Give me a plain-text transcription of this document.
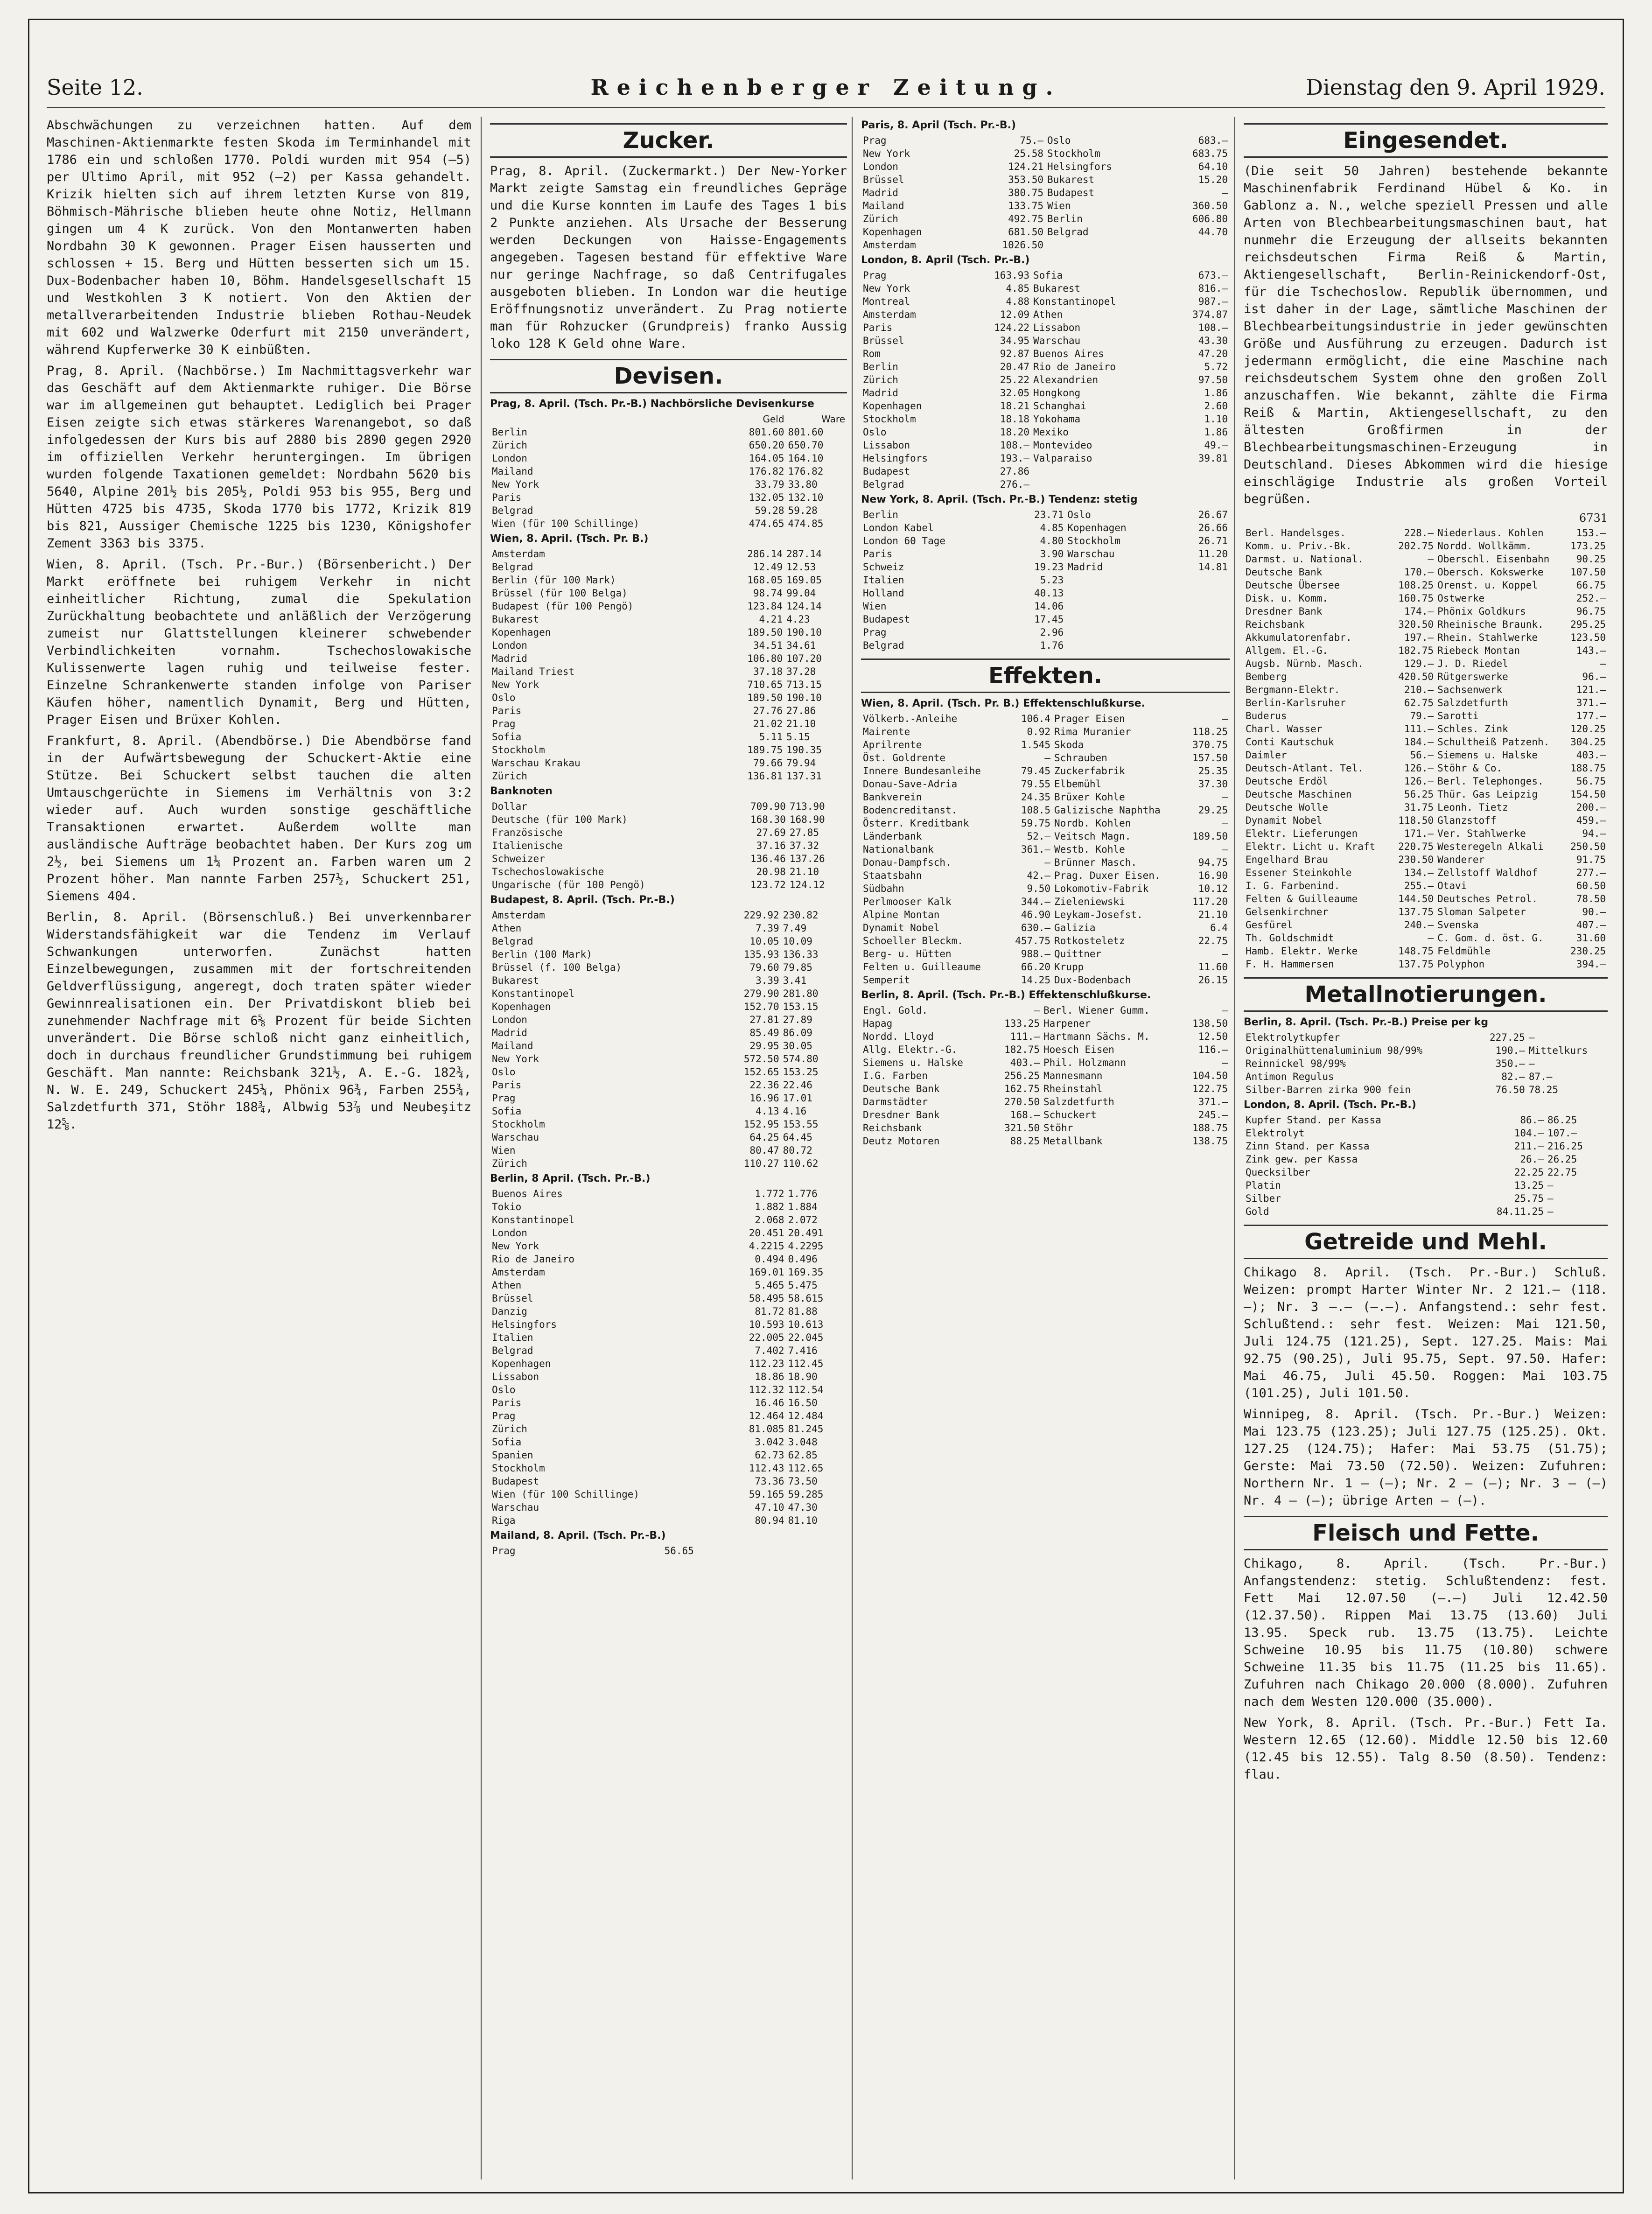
Seite 12.	Reichenberger Zeitung.	Dienstag den 9. April 1929.

Abschwächungen zu verzeichnen hatten. Auf dem Maschinen-Aktienmarkte festen Skoda im Terminhandel mit 1786 ein und schloßen 1770. Poldi wurden mit 954 (—5) per Ultimo April, mit 952 (—2) per Kassa gehandelt. Krizik hielten sich auf ihrem letzten Kurse von 819, Böhmisch-Mährische blieben heute ohne Notiz, Hellmann gingen um 4 K zurück. Von den Montanwerten haben Nordbahn 30 K gewonnen. Prager Eisen hausserten und schlossen + 15. Berg und Hütten besserten sich um 15. Dux-Bodenbacher haben 10, Böhm. Handelsgesellschaft 15 und Westkohlen 3 K notiert. Von den Aktien der metallverarbeitenden Industrie blieben Rothau-Neudek mit 602 und Walzwerke Oderfurt mit 2150 unverändert, während Kupferwerke 30 K einbüßten.

Prag, 8. April. (Nachbörse.) Im Nachmittagsverkehr war das Geschäft auf dem Aktienmarkte ruhiger. Die Börse war im allgemeinen gut behauptet. Lediglich bei Prager Eisen zeigte sich etwas stärkeres Warenangebot, so daß infolgedessen der Kurs bis auf 2880 bis 2890 gegen 2920 im offiziellen Verkehr heruntergingen. Im übrigen wurden folgende Taxationen gemeldet: Nordbahn 5620 bis 5640, Alpine 201½ bis 205½, Poldi 953 bis 955, Berg und Hütten 4725 bis 4735, Skoda 1770 bis 1772, Krizik 819 bis 821, Aussiger Chemische 1225 bis 1230, Königshofer Zement 3363 bis 3375.

Wien, 8. April. (Tsch. Pr.-Bur.) (Börsenbericht.) Der Markt eröffnete bei ruhigem Verkehr in nicht einheitlicher Richtung, zumal die Spekulation Zurückhaltung beobachtete und anläßlich der Verzögerung zumeist nur Glattstellungen kleinerer schwebender Verbindlichkeiten vornahm. Tschechoslowakische Kulissenwerte lagen ruhig und teilweise fester. Einzelne Schrankenwerte standen infolge von Pariser Käufen höher, namentlich Dynamit, Berg und Hütten, Prager Eisen und Brüxer Kohlen.

Frankfurt, 8. April. (Abendbörse.) Die Abendbörse fand in der Aufwärtsbewegung der Schuckert-Aktie eine Stütze. Bei Schuckert selbst tauchen die alten Umtauschgerüchte in Siemens im Verhältnis von 3:2 wieder auf. Auch wurden sonstige geschäftliche Transaktionen erwartet. Außerdem wollte man ausländische Aufträge beobachtet haben. Der Kurs zog um 2½, bei Siemens um 1¼ Prozent an. Farben waren um 2 Prozent höher. Man nannte Farben 257½, Schuckert 251, Siemens 404.

Berlin, 8. April. (Börsenschluß.) Bei unverkennbarer Widerstandsfähigkeit war die Tendenz im Verlauf Schwankungen unterworfen. Zunächst hatten Einzelbewegungen, zusammen mit der fortschreitenden Geldverflüssigung, angeregt, doch traten später wieder Gewinnrealisationen ein. Der Privatdiskont blieb bei zunehmender Nachfrage mit 6⅝ Prozent für beide Sichten unverändert. Die Börse schloß nicht ganz einheitlich, doch in durchaus freundlicher Grundstimmung bei ruhigem Geschäft. Man nannte: Reichsbank 321½, A. E.-G. 182¾, N. W. E. 249, Schuckert 245¼, Phönix 96¾, Farben 255¾, Salzdetfurth 371, Stöhr 188¾, Albwig 53⅞ und Neubeşitz 12⅝.

Zucker.

Prag, 8. April. (Zuckermarkt.) Der New-Yorker Markt zeigte Samstag ein freundliches Gepräge und die Kurse konnten im Laufe des Tages 1 bis 2 Punkte anziehen. Als Ursache der Besserung werden Deckungen von Haisse-Engagements angegeben. Tagesen bestand für effektive Ware nur geringe Nachfrage, so daß Centrifugales ausgeboten blieben. In London war die heutige Eröffnungsnotiz unverändert. Zu Prag notierte man für Rohzucker (Grundpreis) franko Aussig loko 128 K Geld ohne Ware.

Devisen.
Prag, 8. April. (Tsch. Pr.-B.) Nachbörsliche Devisenkurse
	Geld	Ware
Berlin	801.60	801.60
Zürich	650.20	650.70
London	164.05	164.10
Mailand	176.82	176.82
New York	33.79	33.80
Paris	132.05	132.10
Belgrad	59.28	59.28
Wien (für 100 Schillinge)	474.65	474.85
Wien, 8. April. (Tsch. Pr. B.)
Amsterdam	286.14	287.14
Belgrad	12.49	12.53
Berlin (für 100 Mark)	168.05	169.05
Brüssel (für 100 Belga)	98.74	99.04
Budapest (für 100 Pengö)	123.84	124.14
Bukarest	4.21	4.23
Kopenhagen	189.50	190.10
London	34.51	34.61
Madrid	106.80	107.20
Mailand Triest	37.18	37.28
New York	710.65	713.15
Oslo	189.50	190.10
Paris	27.76	27.86
Prag	21.02	21.10
Sofia	5.11	5.15
Stockholm	189.75	190.35
Warschau Krakau	79.66	79.94
Zürich	136.81	137.31
Banknoten
Dollar	709.90	713.90
Deutsche (für 100 Mark)	168.30	168.90
Französische	27.69	27.85
Italienische	37.16	37.32
Schweizer	136.46	137.26
Tschechoslowakische	20.98	21.10
Ungarische (für 100 Pengö)	123.72	124.12
Budapest, 8. April. (Tsch. Pr.-B.)
Amsterdam	229.92	230.82
Athen	7.39	7.49
Belgrad	10.05	10.09
Berlin (100 Mark)	135.93	136.33
Brüssel (f. 100 Belga)	79.60	79.85
Bukarest	3.39	3.41
Konstantinopel	279.90	281.80
Kopenhagen	152.70	153.15
London	27.81	27.89
Madrid	85.49	86.09
Mailand	29.95	30.05
New York	572.50	574.80
Oslo	152.65	153.25
Paris	22.36	22.46
Prag	16.96	17.01
Sofia	4.13	4.16
Stockholm	152.95	153.55
Warschau	64.25	64.45
Wien	80.47	80.72
Zürich	110.27	110.62
Berlin, 8 April. (Tsch. Pr.-B.)
Buenos Aires	1.772	1.776
Tokio	1.882	1.884
Konstantinopel	2.068	2.072
London	20.451	20.491
New York	4.2215	4.2295
Rio de Janeiro	0.494	0.496
Amsterdam	169.01	169.35
Athen	5.465	5.475
Brüssel	58.495	58.615
Danzig	81.72	81.88
Helsingfors	10.593	10.613
Italien	22.005	22.045
Belgrad	7.402	7.416
Kopenhagen	112.23	112.45
Lissabon	18.86	18.90
Oslo	112.32	112.54
Paris	16.46	16.50
Prag	12.464	12.484
Zürich	81.085	81.245
Sofia	3.042	3.048
Spanien	62.73	62.85
Stockholm	112.43	112.65
Budapest	73.36	73.50
Wien (für 100 Schillinge)	59.165	59.285
Warschau	47.10	47.30
Riga	80.94	81.10
Mailand, 8. April. (Tsch. Pr.-B.)
Prag		56.65
Paris, 8. April (Tsch. Pr.-B.)
Prag	75.—	Oslo	683.—
New York	25.58	Stockholm	683.75
London	124.21	Helsingfors	64.10
Brüssel	353.50	Bukarest	15.20
Madrid	380.75	Budapest	—
Mailand	133.75	Wien	360.50
Zürich	492.75	Berlin	606.80
Kopenhagen	681.50	Belgrad	44.70
Amsterdam	1026.50		
London, 8. April (Tsch. Pr.-B.)
Prag	163.93	Sofia	673.—
New York	4.85	Bukarest	816.—
Montreal	4.88	Konstantinopel	987.—
Amsterdam	12.09	Athen	374.87
Paris	124.22	Lissabon	108.—
Brüssel	34.95	Warschau	43.30
Rom	92.87	Buenos Aires	47.20
Berlin	20.47	Rio de Janeiro	5.72
Zürich	25.22	Alexandrien	97.50
Madrid	32.05	Hongkong	1.86
Kopenhagen	18.21	Schanghai	2.60
Stockholm	18.18	Yokohama	1.10
Oslo	18.20	Mexiko	1.86
Lissabon	108.—	Montevideo	49.—
Helsingfors	193.—	Valparaiso	39.81
Budapest	27.86		
Belgrad	276.—		
New York, 8. April. (Tsch. Pr.-B.) Tendenz: stetig
Berlin	23.71	Oslo	26.67
London Kabel	4.85	Kopenhagen	26.66
London 60 Tage	4.80	Stockholm	26.71
Paris	3.90	Warschau	11.20
Schweiz	19.23	Madrid	14.81
Italien	5.23		
Holland	40.13		
Wien	14.06		
Budapest	17.45		
Prag	2.96		
Belgrad	1.76		
Effekten.
Wien, 8. April. (Tsch. Pr. B.) Effektenschlußkurse.
Völkerb.-Anleihe	106.4	Prager Eisen	—
Mairente	0.92	Rima Muranier	118.25
Aprilrente	1.545	Skoda	370.75
Öst. Goldrente	—	Schrauben	157.50
Innere Bundesanleihe	79.45	Zuckerfabrik	25.35
Donau-Save-Adria	79.55	Elbemühl	37.30
Bankverein	24.35	Brüxer Kohle	—
Bodencreditanst.	108.5	Galizische Naphtha	29.25
Österr. Kreditbank	59.75	Nordb. Kohlen	—
Länderbank	52.—	Veitsch Magn.	189.50
Nationalbank	361.—	Westb. Kohle	—
Donau-Dampfsch.	—	Brünner Masch.	94.75
Staatsbahn	42.—	Prag. Duxer Eisen.	16.90
Südbahn	9.50	Lokomotiv-Fabrik	10.12
Perlmooser Kalk	344.—	Zieleniewski	117.20
Alpine Montan	46.90	Leykam-Josefst.	21.10
Dynamit Nobel	630.—	Galizia	6.4
Schoeller Bleckm.	457.75	Rotkosteletz	22.75
Berg- u. Hütten	988.—	Quittner	—
Felten u. Guilleaume	66.20	Krupp	11.60
Semperit	14.25	Dux-Bodenbach	26.15
Berlin, 8. April. (Tsch. Pr.-B.) Effektenschlußkurse.
Engl. Gold.	—	Berl. Wiener Gumm.	—
Hapag	133.25	Harpener	138.50
Nordd. Lloyd	111.—	Hartmann Sächs. M.	12.50
Allg. Elektr.-G.	182.75	Hoesch Eisen	116.—
Siemens u. Halske	403.—	Phil. Holzmann	—
I.G. Farben	256.25	Mannesmann	104.50
Deutsche Bank	162.75	Rheinstahl	122.75
Darmstädter	270.50	Salzdetfurth	371.—
Dresdner Bank	168.—	Schuckert	245.—
Reichsbank	321.50	Stöhr	188.75
Deutz Motoren	88.25	Metallbank	138.75
Eingesendet.

(Die seit 50 Jahren) bestehende bekannte Maschinenfabrik Ferdinand Hübel & Ko. in Gablonz a. N., welche speziell Pressen und alle Arten von Blechbearbeitungsmaschinen baut, hat nunmehr die Erzeugung der allseits bekannten reichsdeutschen Firma Reiß & Martin, Aktiengesellschaft, Berlin-Reinickendorf-Ost, für die Tschechoslow. Republik übernommen, und ist daher in der Lage, sämtliche Maschinen der Blechbearbeitungsindustrie in jeder gewünschten Größe und Ausführung zu erzeugen. Dadurch ist jedermann ermöglicht, die eine Maschine nach reichsdeutschem System ohne den großen Zoll anzuschaffen. Wie bekannt, zählte die Firma Reiß & Martin, Aktiengesellschaft, zu den ältesten Großfirmen in der Blechbearbeitungsmaschinen-Erzeugung in Deutschland. Dieses Abkommen wird die hiesige einschlägige Industrie als großen Vorteil begrüßen.

6731
Berl. Handelsges.	228.—	Niederlaus. Kohlen	153.—
Komm. u. Priv.-Bk.	202.75	Nordd. Wollkämm.	173.25
Darmst. u. National.	—	Oberschl. Eisenbahn	90.25
Deutsche Bank	170.—	Obersch. Kokswerke	107.50
Deutsche Übersee	108.25	Orenst. u. Koppel	66.75
Disk. u. Komm.	160.75	Ostwerke	252.—
Dresdner Bank	174.—	Phönix Goldkurs	96.75
Reichsbank	320.50	Rheinische Braunk.	295.25
Akkumulatorenfabr.	197.—	Rhein. Stahlwerke	123.50
Allgem. El.-G.	182.75	Riebeck Montan	143.—
Augsb. Nürnb. Masch.	129.—	J. D. Riedel	—
Bemberg	420.50	Rütgerswerke	96.—
Bergmann-Elektr.	210.—	Sachsenwerk	121.—
Berlin-Karlsruher	62.75	Salzdetfurth	371.—
Buderus	79.—	Sarotti	177.—
Charl. Wasser	111.—	Schles. Zink	120.25
Conti Kautschuk	184.—	Schultheiß Patzenh.	304.25
Daimler	56.—	Siemens u. Halske	403.—
Deutsch-Atlant. Tel.	126.—	Stöhr & Co.	188.75
Deutsche Erdöl	126.—	Berl. Telephonges.	56.75
Deutsche Maschinen	56.25	Thür. Gas Leipzig	154.50
Deutsche Wolle	31.75	Leonh. Tietz	200.—
Dynamit Nobel	118.50	Glanzstoff	459.—
Elektr. Lieferungen	171.—	Ver. Stahlwerke	94.—
Elektr. Licht u. Kraft	220.75	Westeregeln Alkali	250.50
Engelhard Brau	230.50	Wanderer	91.75
Essener Steinkohle	134.—	Zellstoff Waldhof	277.—
I. G. Farbenind.	255.—	Otavi	60.50
Felten & Guilleaume	144.50	Deutsches Petrol.	78.50
Gelsenkirchner	137.75	Sloman Salpeter	90.—
Gesfürel	240.—	Svenska	407.—
Th. Goldschmidt	—	C. Gom. d. öst. G.	31.60
Hamb. Elektr. Werke	148.75	Feldmühle	230.25
F. H. Hammersen	137.75	Polyphon	394.—
Metallnotierungen.
Berlin, 8. April. (Tsch. Pr.-B.) Preise per kg
Elektrolytkupfer	227.25	—
Originalhüttenaluminium 98/99%	190.—	Mittelkurs
Reinnickel 98/99%	350.—	—
Antimon Regulus	82.—	87.—
Silber-Barren zirka 900 fein	76.50	78.25
London, 8. April. (Tsch. Pr.-B.)
Kupfer Stand. per Kassa	86.—	86.25
Elektrolyt	104.—	107.—
Zinn Stand. per Kassa	211.—	216.25
Zink gew. per Kassa	26.—	26.25
Quecksilber	22.25	22.75
Platin	13.25	—
Silber	25.75	—
Gold	84.11.25	—
Getreide und Mehl.

Chikago 8. April. (Tsch. Pr.-Bur.) Schluß. Weizen: prompt Harter Winter Nr. 2 121.— (118.—); Nr. 3 —.— (—.—). Anfangstend.: sehr fest. Schlußtend.: sehr fest. Weizen: Mai 121.50, Juli 124.75 (121.25), Sept. 127.25. Mais: Mai 92.75 (90.25), Juli 95.75, Sept. 97.50. Hafer: Mai 46.75, Juli 45.50. Roggen: Mai 103.75 (101.25), Juli 101.50.

Winnipeg, 8. April. (Tsch. Pr.-Bur.) Weizen: Mai 123.75 (123.25); Juli 127.75 (125.25). Okt. 127.25 (124.75); Hafer: Mai 53.75 (51.75); Gerste: Mai 73.50 (72.50). Weizen: Zufuhren: Northern Nr. 1 — (—); Nr. 2 — (—); Nr. 3 — (—) Nr. 4 — (—); übrige Arten — (—).

Fleisch und Fette.

Chikago, 8. April. (Tsch. Pr.-Bur.) Anfangstendenz: stetig. Schlußtendenz: fest. Fett Mai 12.07.50 (—.—) Juli 12.42.50 (12.37.50). Rippen Mai 13.75 (13.60) Juli 13.95. Speck rub. 13.75 (13.75). Leichte Schweine 10.95 bis 11.75 (10.80) schwere Schweine 11.35 bis 11.75 (11.25 bis 11.65). Zufuhren nach Chikago 20.000 (8.000). Zufuhren nach dem Westen 120.000 (35.000).

New York, 8. April. (Tsch. Pr.-Bur.) Fett Ia. Western 12.65 (12.60). Middle 12.50 bis 12.60 (12.45 bis 12.55). Talg 8.50 (8.50). Tendenz: flau.
